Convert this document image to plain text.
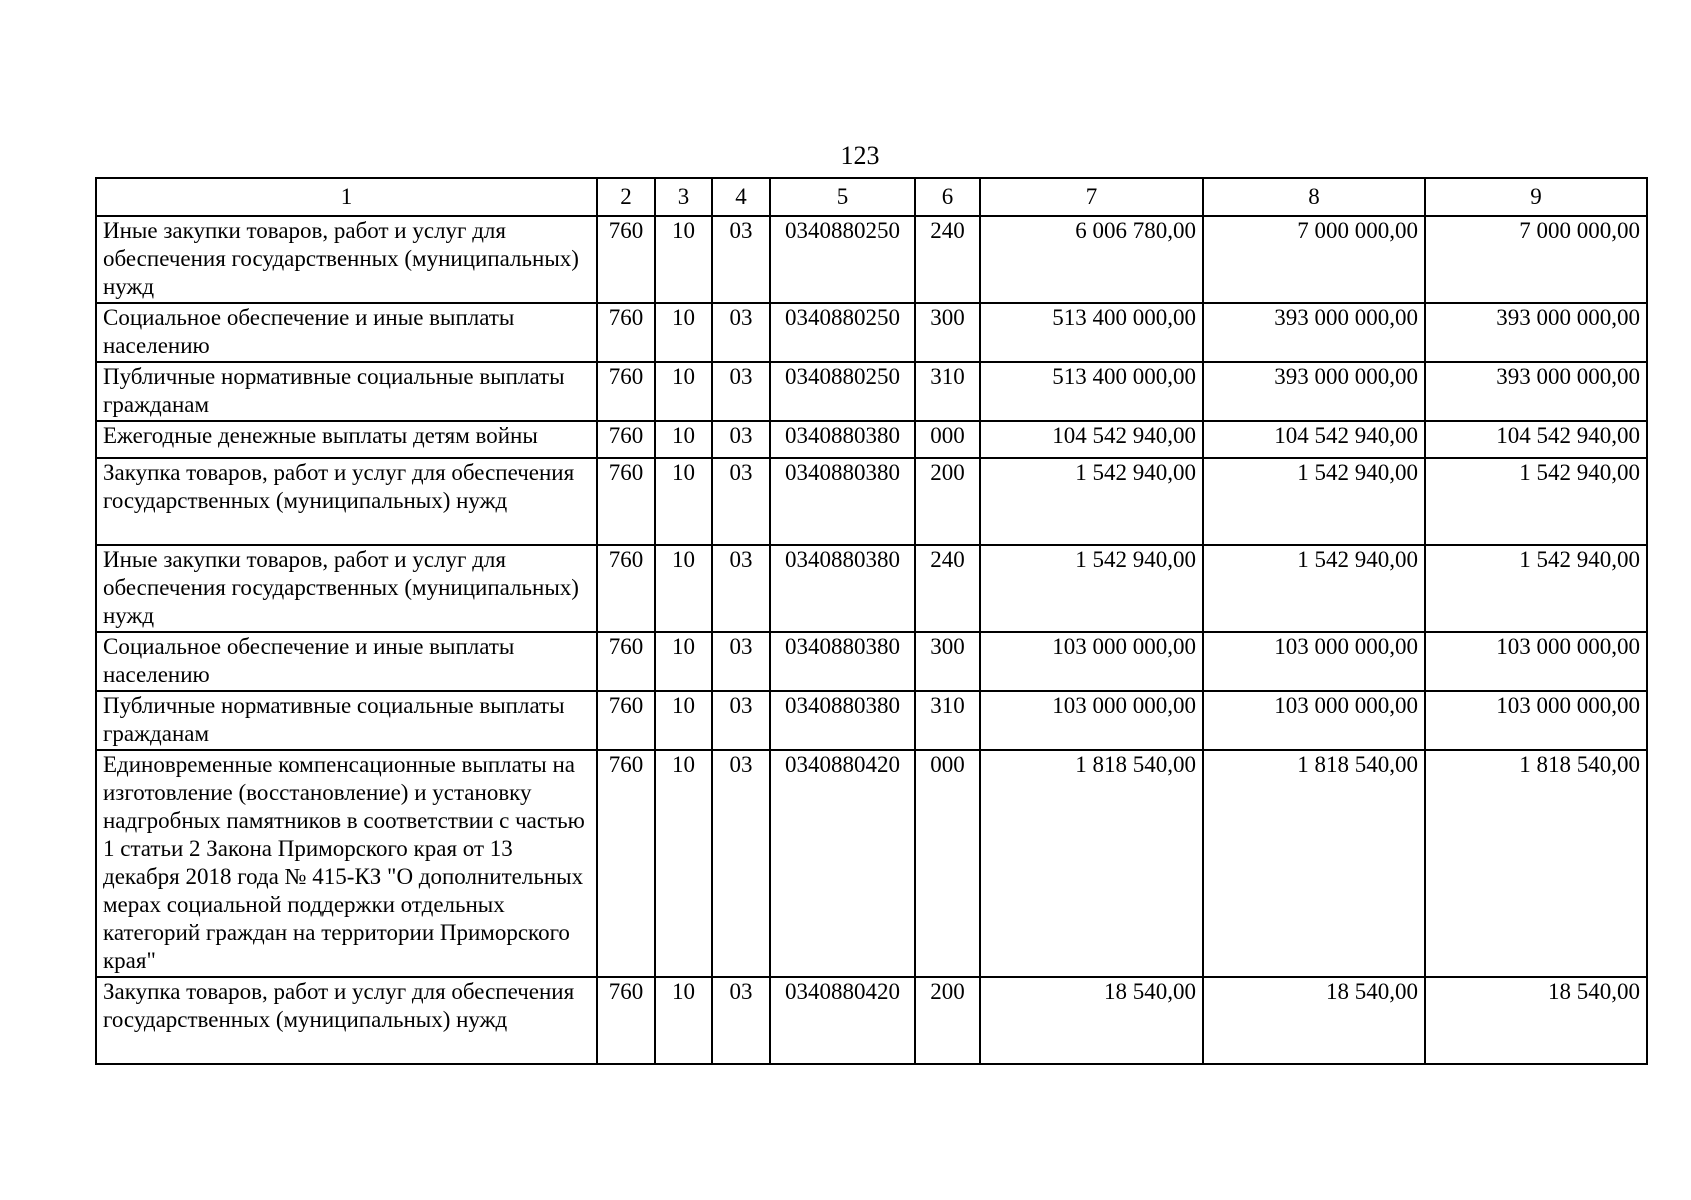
123
1	2	3	4	5	6	7	8	9
Иные закупки товаров, работ и услуг для обеспечения государственных (муниципальных) нужд	760	10	03	0340880250	240	6 006 780,00	7 000 000,00	7 000 000,00
Социальное обеспечение и иные выплаты населению	760	10	03	0340880250	300	513 400 000,00	393 000 000,00	393 000 000,00
Публичные нормативные социальные выплаты гражданам	760	10	03	0340880250	310	513 400 000,00	393 000 000,00	393 000 000,00
Ежегодные денежные выплаты детям войны	760	10	03	0340880380	000	104 542 940,00	104 542 940,00	104 542 940,00
Закупка товаров, работ и услуг для обеспечения государственных (муниципальных) нужд	760	10	03	0340880380	200	1 542 940,00	1 542 940,00	1 542 940,00
Иные закупки товаров, работ и услуг для обеспечения государственных (муниципальных) нужд	760	10	03	0340880380	240	1 542 940,00	1 542 940,00	1 542 940,00
Социальное обеспечение и иные выплаты населению	760	10	03	0340880380	300	103 000 000,00	103 000 000,00	103 000 000,00
Публичные нормативные социальные выплаты гражданам	760	10	03	0340880380	310	103 000 000,00	103 000 000,00	103 000 000,00
Единовременные компенсационные выплаты на изготовление (восстановление) и установку надгробных памятников в соответствии с частью 1 статьи 2 Закона Приморского края от 13 декабря 2018 года № 415-КЗ "О дополнительных мерах социальной поддержки отдельных категорий граждан на территории Приморского края"	760	10	03	0340880420	000	1 818 540,00	1 818 540,00	1 818 540,00
Закупка товаров, работ и услуг для обеспечения государственных (муниципальных) нужд	760	10	03	0340880420	200	18 540,00	18 540,00	18 540,00
